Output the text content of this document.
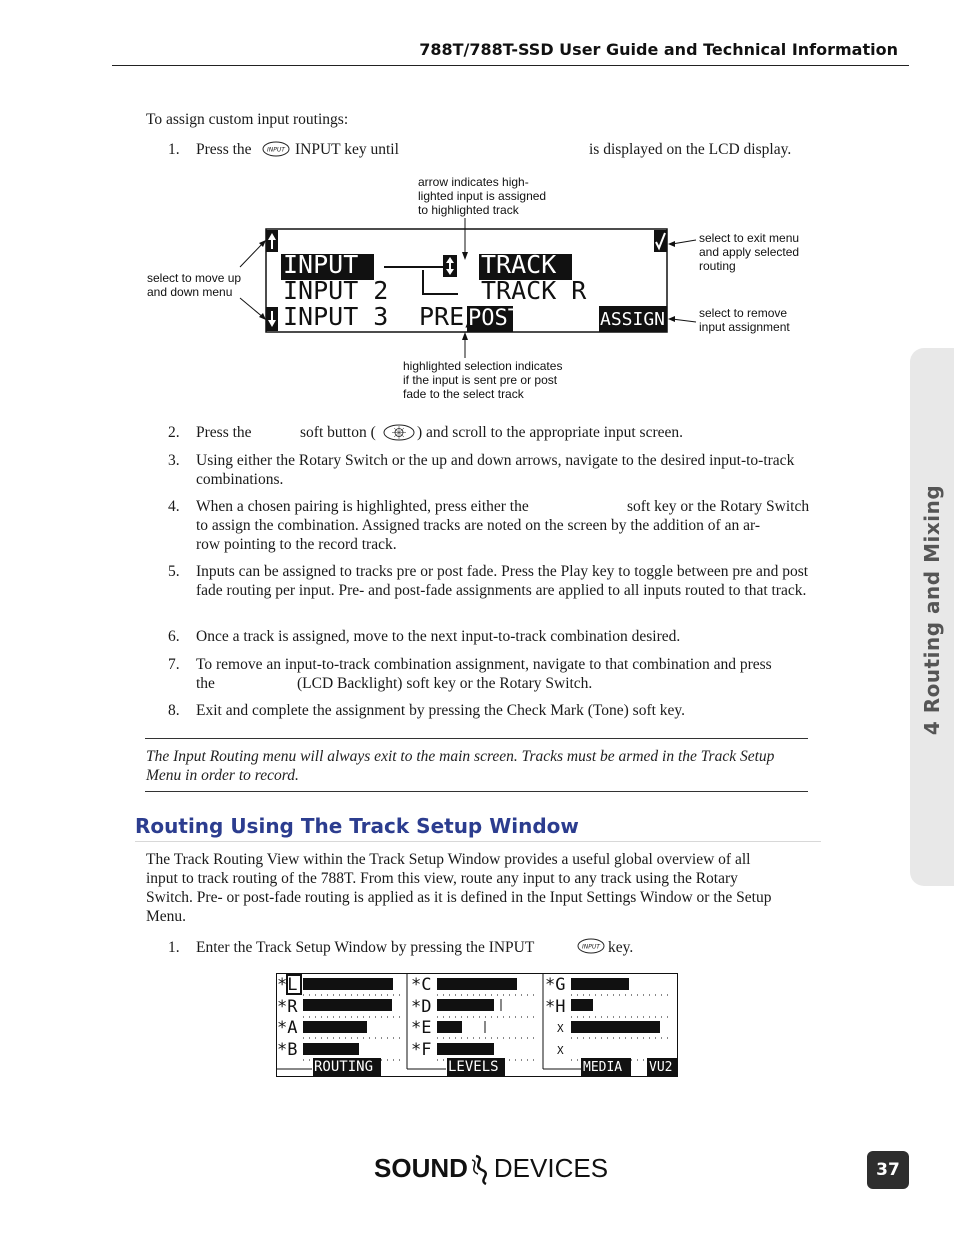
788T/788T-SSD User Guide and Technical Information
4 Routing and Mixing
To assign custom input routings:
1.	Press the	INPUT INPUT key until	is displayed on the LCD display.
INPUT 1
INPUT 2
INPUT 3
TRACK L
TRACK R
PRE/
POST	ASSIGN
arrow indicates high-
lighted input is assigned
to highlighted track
select to move up
and down menu
select to exit menu
and apply selected
routing
select to remove
input assignment
highlighted selection indicates
if the input is sent pre or post
fade to the select track
2.	Press the	soft button (	) and scroll to the appropriate input screen.
3.	Using either the Rotary Switch or the up and down arrows, navigate to the desired input-to-track combinations.
4.	When a chosen pairing is highlighted, press either the	soft key or the Rotary Switch
to assign the combination. Assigned tracks are noted on the screen by the addition of an ar-
row pointing to the record track.
5.	Inputs can be assigned to tracks pre or post fade. Press the Play key to toggle between pre and post fade routing per input. Pre- and post-fade assignments are applied to all inputs routed to that track.
6.	Once a track is assigned, move to the next input-to-track combination desired.
7.	To remove an input-to-track combination assignment, navigate to that combination and press
the	(LCD Backlight) soft key or the Rotary Switch.
8.	Exit and complete the assignment by pressing the Check Mark (Tone) soft key.
The Input Routing menu will always exit to the main screen. Tracks must be armed in the Track Setup
Menu in order to record.
Routing Using The Track Setup Window
The Track Routing View within the Track Setup Window provides a useful global overview of all
input to track routing of the 788T. From this view, route any input to any track using the Rotary
Switch. Pre- or post-fade routing is applied as it is defined in the Input Settings Window or the Setup
Menu.
1.	Enter the Track Setup Window by pressing the INPUT	INPUT key.
*L
*R
*A
*B
*C
*D
*E
*F
*G
*H
X
X
ROUTING	LEVELS	MEDIA VU2
SOUND DEVICES	37
